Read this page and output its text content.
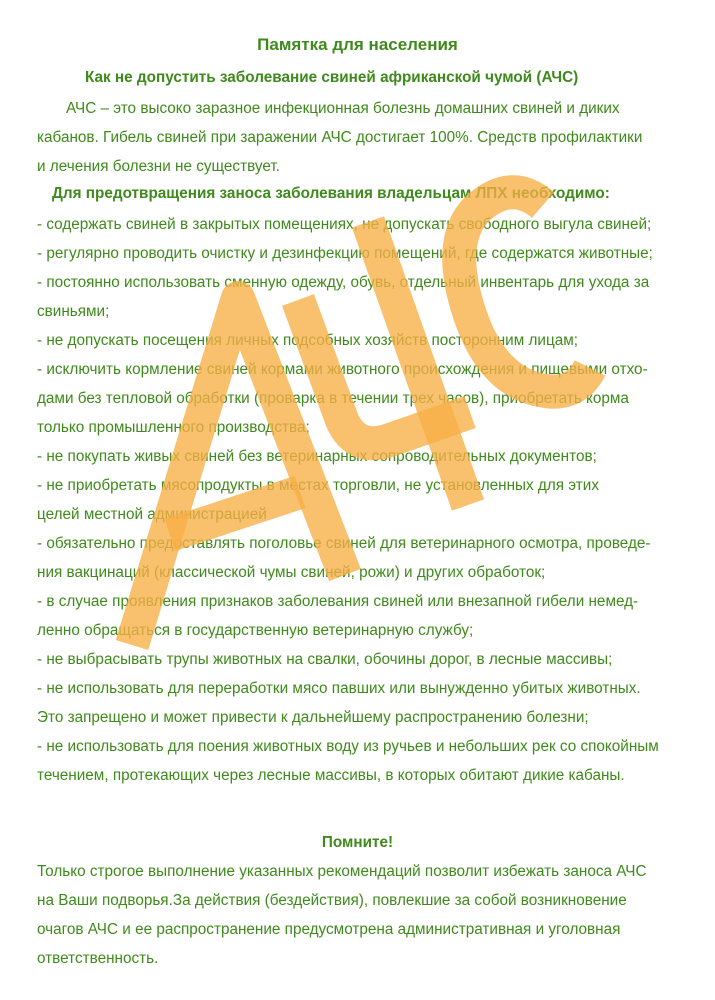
Памятка для населения
Как не допустить заболевание свиней африканской чумой (АЧС)
АЧС – это высоко заразное инфекционная болезнь домашних свиней и диких
кабанов. Гибель свиней при заражении АЧС достигает 100%. Средств профилактики
и лечения болезни не существует.
Для предотвращения заноса заболевания владельцам ЛПХ необходимо:
- содержать свиней в закрытых помещениях, не допускать свободного выгула свиней;
- регулярно проводить очистку и дезинфекцию помещений, где содержатся животные;
- постоянно использовать сменную одежду, обувь, отдельный инвентарь для ухода за
свиньями;
- не допускать посещения личных подсобных хозяйств посторонним лицам;
- исключить кормление свиней кормами животного происхождения и пищевыми отхо-
дами без тепловой обработки (проварка в течении трех часов), приобретать корма
только промышленного производства;
- не покупать живых свиней без ветеринарных сопроводительных документов;
- не приобретать мясопродукты в местах торговли, не установленных для этих
целей местной администрацией
- обязательно предоставлять поголовье свиней для ветеринарного осмотра, проведе-
ния вакцинаций (классической чумы свиней, рожи) и других обработок;
- в случае проявления признаков заболевания свиней или внезапной гибели немед-
ленно обращаться в государственную ветеринарную службу;
- не выбрасывать трупы животных на свалки, обочины дорог, в лесные массивы;
- не использовать для переработки мясо павших или вынужденно убитых животных.
Это запрещено и может привести к дальнейшему распространению болезни;
- не использовать для поения животных воду из ручьев и небольших рек со спокойным
течением, протекающих через лесные массивы, в которых обитают дикие кабаны.
Помните!
Только строгое выполнение указанных рекомендаций позволит избежать заноса АЧС
на Ваши подворья.За действия (бездействия), повлекшие за собой возникновение
очагов АЧС и ее распространение предусмотрена административная и уголовная
ответственность.
